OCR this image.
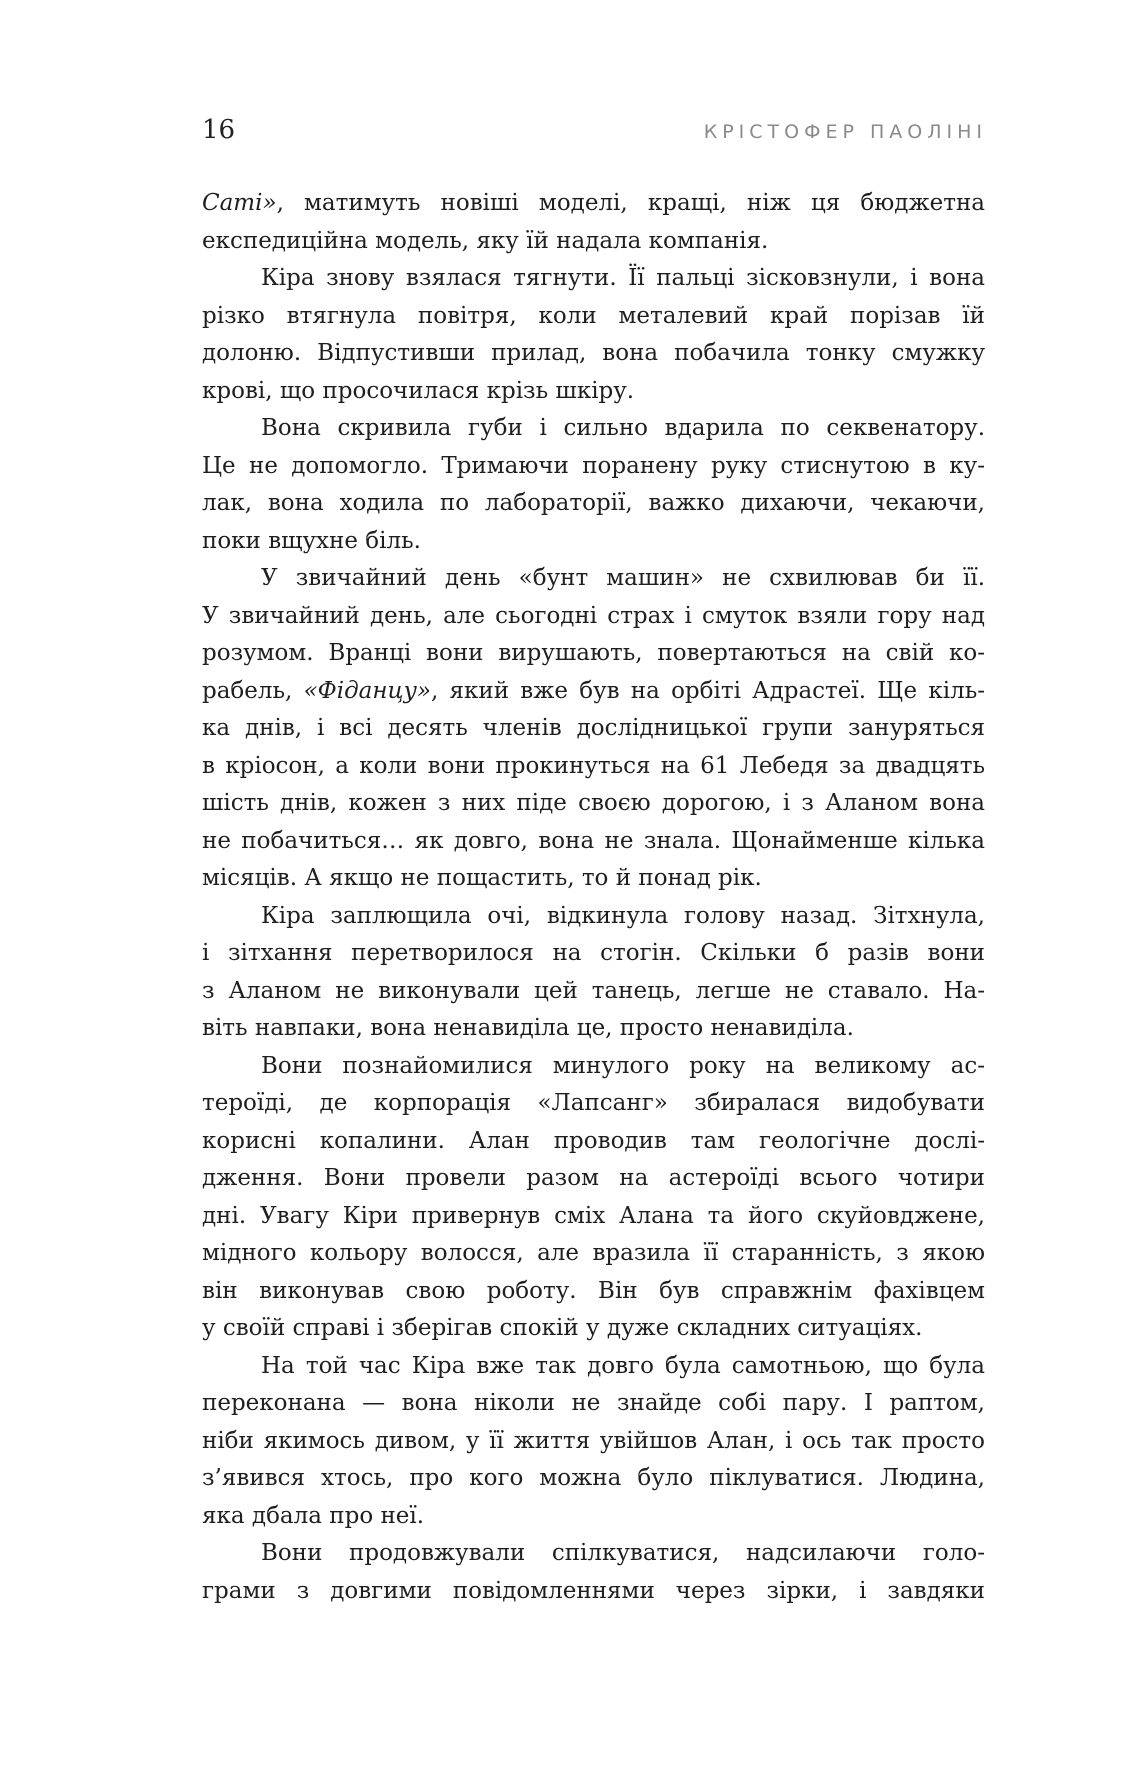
16	КРІСТОФЕР ПАОЛІНІ
Саті», матимуть новіші моделі, кращі, ніж ця бюджетна
експедиційна модель, яку їй надала компанія.
Кіра знову взялася тягнути. Її пальці зісковзнули, і вона
різко втягнула повітря, коли металевий край порізав їй
долоню. Відпустивши прилад, вона побачила тонку смужку
крові, що просочилася крізь шкіру.
Вона скривила губи і сильно вдарила по секвенатору.
Це не допомогло. Тримаючи поранену руку стиснутою в ку-
лак, вона ходила по лабораторії, важко дихаючи, чекаючи,
поки вщухне біль.
У звичайний день «бунт машин» не схвилював би її.
У звичайний день, але сьогодні страх і смуток взяли гору над
розумом. Вранці вони вирушають, повертаються на свій ко-
рабель, «Фіданцу», який вже був на орбіті Адрастеї. Ще кіль-
ка днів, і всі десять членів дослідницької групи зануряться
в кріосон, а коли вони прокинуться на 61 Лебедя за двадцять
шість днів, кожен з них піде своєю дорогою, і з Аланом вона
не побачиться… як довго, вона не знала. Щонайменше кілька
місяців. А якщо не пощастить, то й понад рік.
Кіра заплющила очі, відкинула голову назад. Зітхнула,
і зітхання перетворилося на стогін. Скільки б разів вони
з Аланом не виконували цей танець, легше не ставало. На-
віть навпаки, вона ненавиділа це, просто ненавиділа.
Вони познайомилися минулого року на великому ас-
тероїді, де корпорація «Лапсанг» збиралася видобувати
корисні копалини. Алан проводив там геологічне дослі-
дження. Вони провели разом на астероїді всього чотири
дні. Увагу Кіри привернув сміх Алана та його скуйовджене,
мідного кольору волосся, але вразила її старанність, з якою
він виконував свою роботу. Він був справжнім фахівцем
у своїй справі і зберігав спокій у дуже складних ситуаціях.
На той час Кіра вже так довго була самотньою, що була
переконана — вона ніколи не знайде собі пару. І раптом,
ніби якимось дивом, у її життя увійшов Алан, і ось так просто
з’явився хтось, про кого можна було піклуватися. Людина,
яка дбала про неї.
Вони продовжували спілкуватися, надсилаючи голо-
грами з довгими повідомленнями через зірки, і завдяки
